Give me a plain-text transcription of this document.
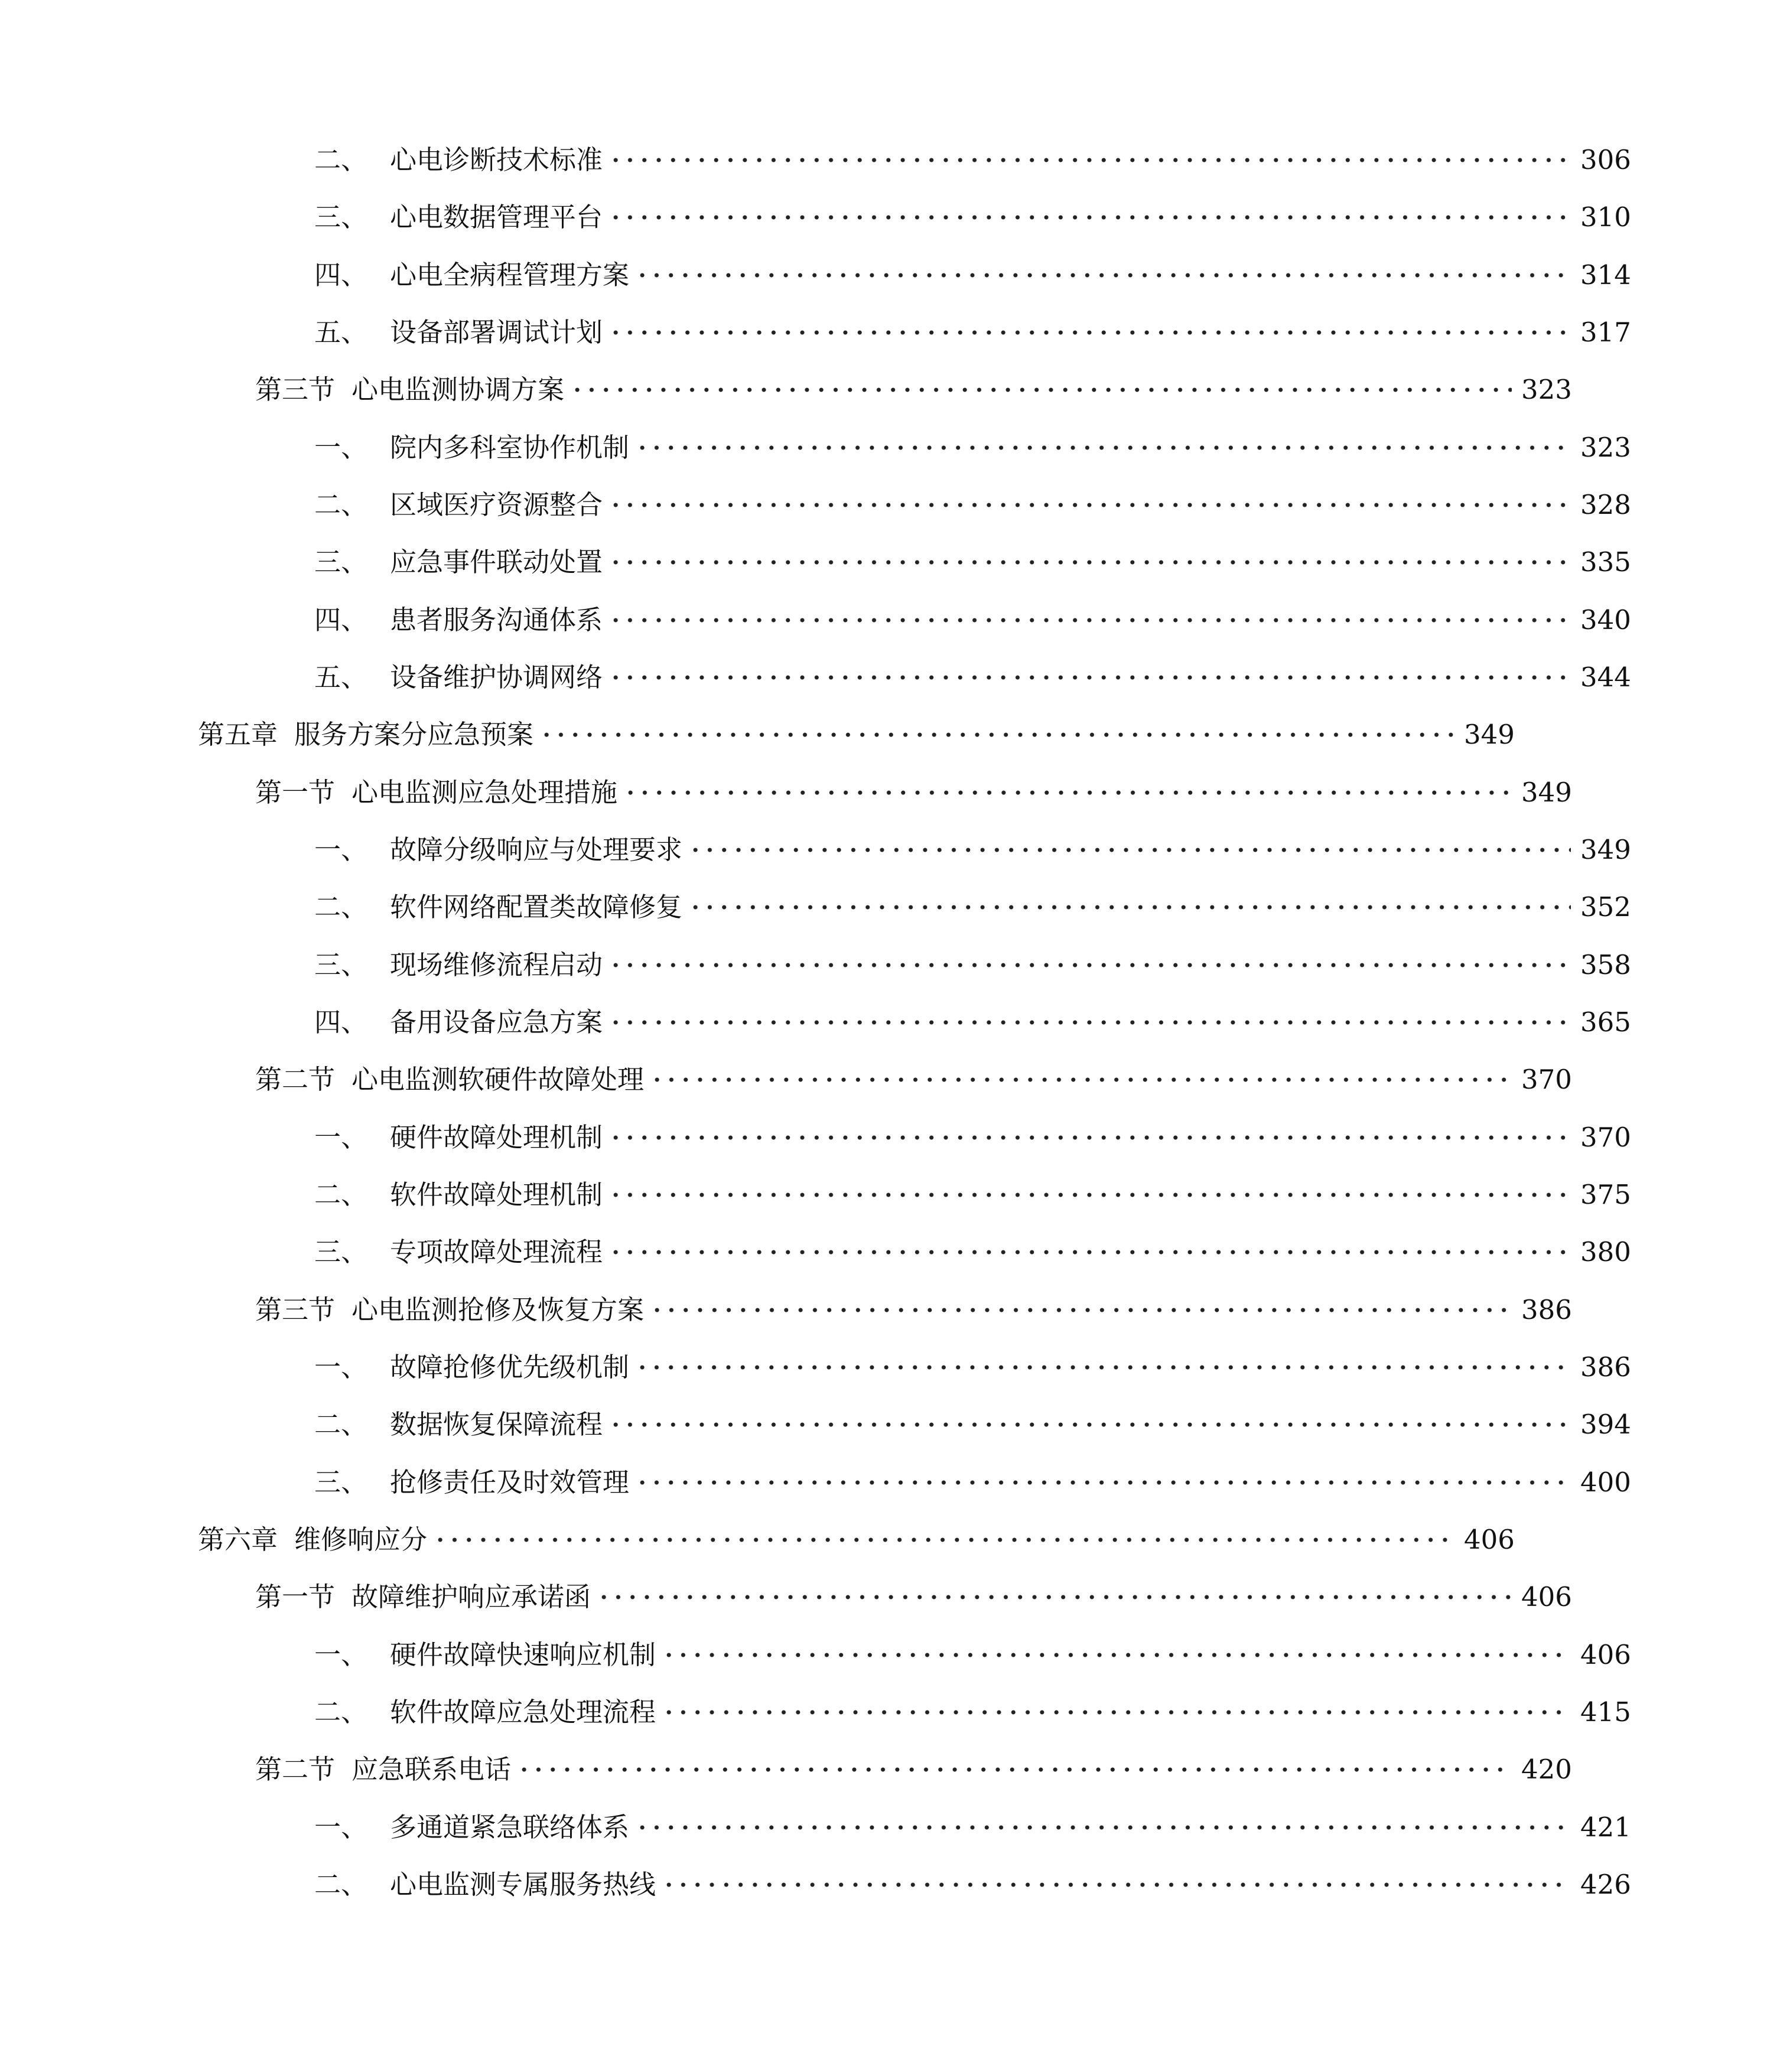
二、 心电诊断技术标准	306
三、 心电数据管理平台	310
四、 心电全病程管理方案	314
五、 设备部署调试计划	317
第三节 心电监测协调方案	323
一、 院内多科室协作机制	323
二、 区域医疗资源整合	328
三、 应急事件联动处置	335
四、 患者服务沟通体系	340
五、 设备维护协调网络	344
第五章 服务方案分应急预案	349
第一节 心电监测应急处理措施	349
一、 故障分级响应与处理要求	349
二、 软件网络配置类故障修复	352
三、 现场维修流程启动	358
四、 备用设备应急方案	365
第二节 心电监测软硬件故障处理	370
一、 硬件故障处理机制	370
二、 软件故障处理机制	375
三、 专项故障处理流程	380
第三节 心电监测抢修及恢复方案	386
一、 故障抢修优先级机制	386
二、 数据恢复保障流程	394
三、 抢修责任及时效管理	400
第六章 维修响应分	406
第一节 故障维护响应承诺函	406
一、 硬件故障快速响应机制	406
二、 软件故障应急处理流程	415
第二节 应急联系电话	420
一、 多通道紧急联络体系	421
二、 心电监测专属服务热线	426
